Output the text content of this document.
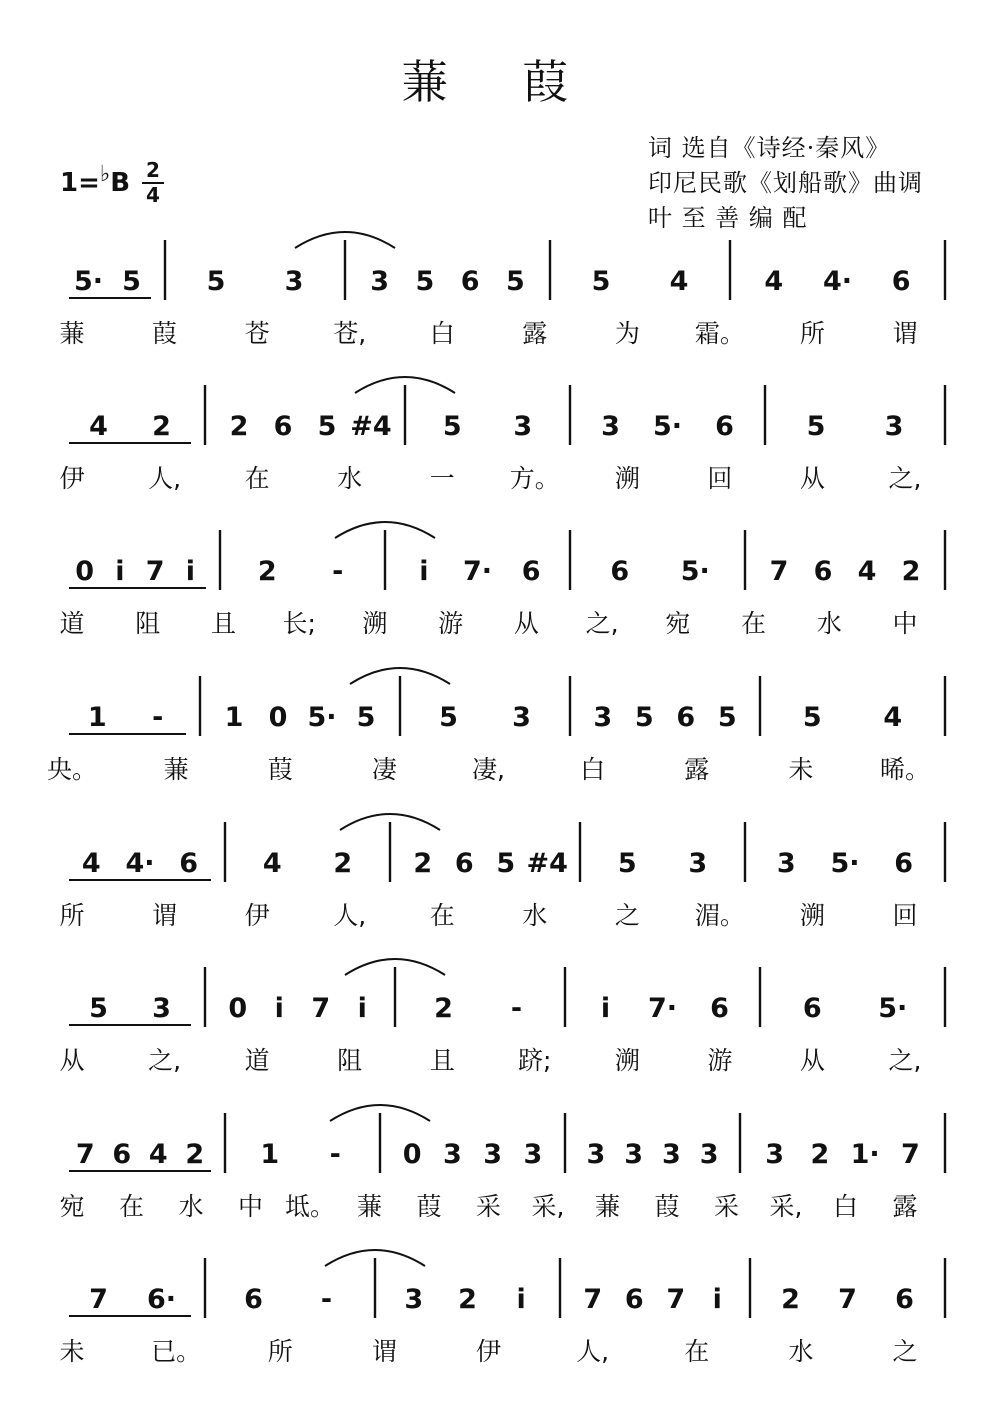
蒹 葭
词 选自《诗经·秦风》
印尼民歌《划船歌》曲调
叶 至 善 编 配
1=♭B 2
4
5· 5 5 3 3 5 6 5 5 4	4 4· 6
蒹	葭	苍	苍,	白	露	为 霜。 所	谓
4 2 2 6 5 #4 5 3	3 5· 6	5 3
伊	人,	在	水	一 方。 溯	回	从	之,
0 i 7 i 2 -	i 7· 6	6 5· 7 6 4 2
道 阻 且 长; 溯 游 从 之, 宛 在 水 中
1 - 1 0 5· 5 5 3 3 5 6 5 5 4
央。	蒹	葭	凄	凄,	白	露	未	晞。
4 4· 6 4 2 2 6 5 #4 5 3	3 5· 6
所	谓	伊	人,	在	水	之 湄。 溯	回
5 3 0 i 7 i 2 -	i 7· 6	6 5·
从	之,	道	阻	且	跻;	溯	游	从	之,
7 6 4 2 1 - 0 3 3 3 3 3 3 3 3 2 1· 7
宛 在 水 中 坻。 蒹 葭 采 采, 蒹 葭 采 采, 白 露
7 6·	6 -	3 2 i 7 6 7 i 2 7 6
未	已。	所	谓	伊	人,	在	水	之
